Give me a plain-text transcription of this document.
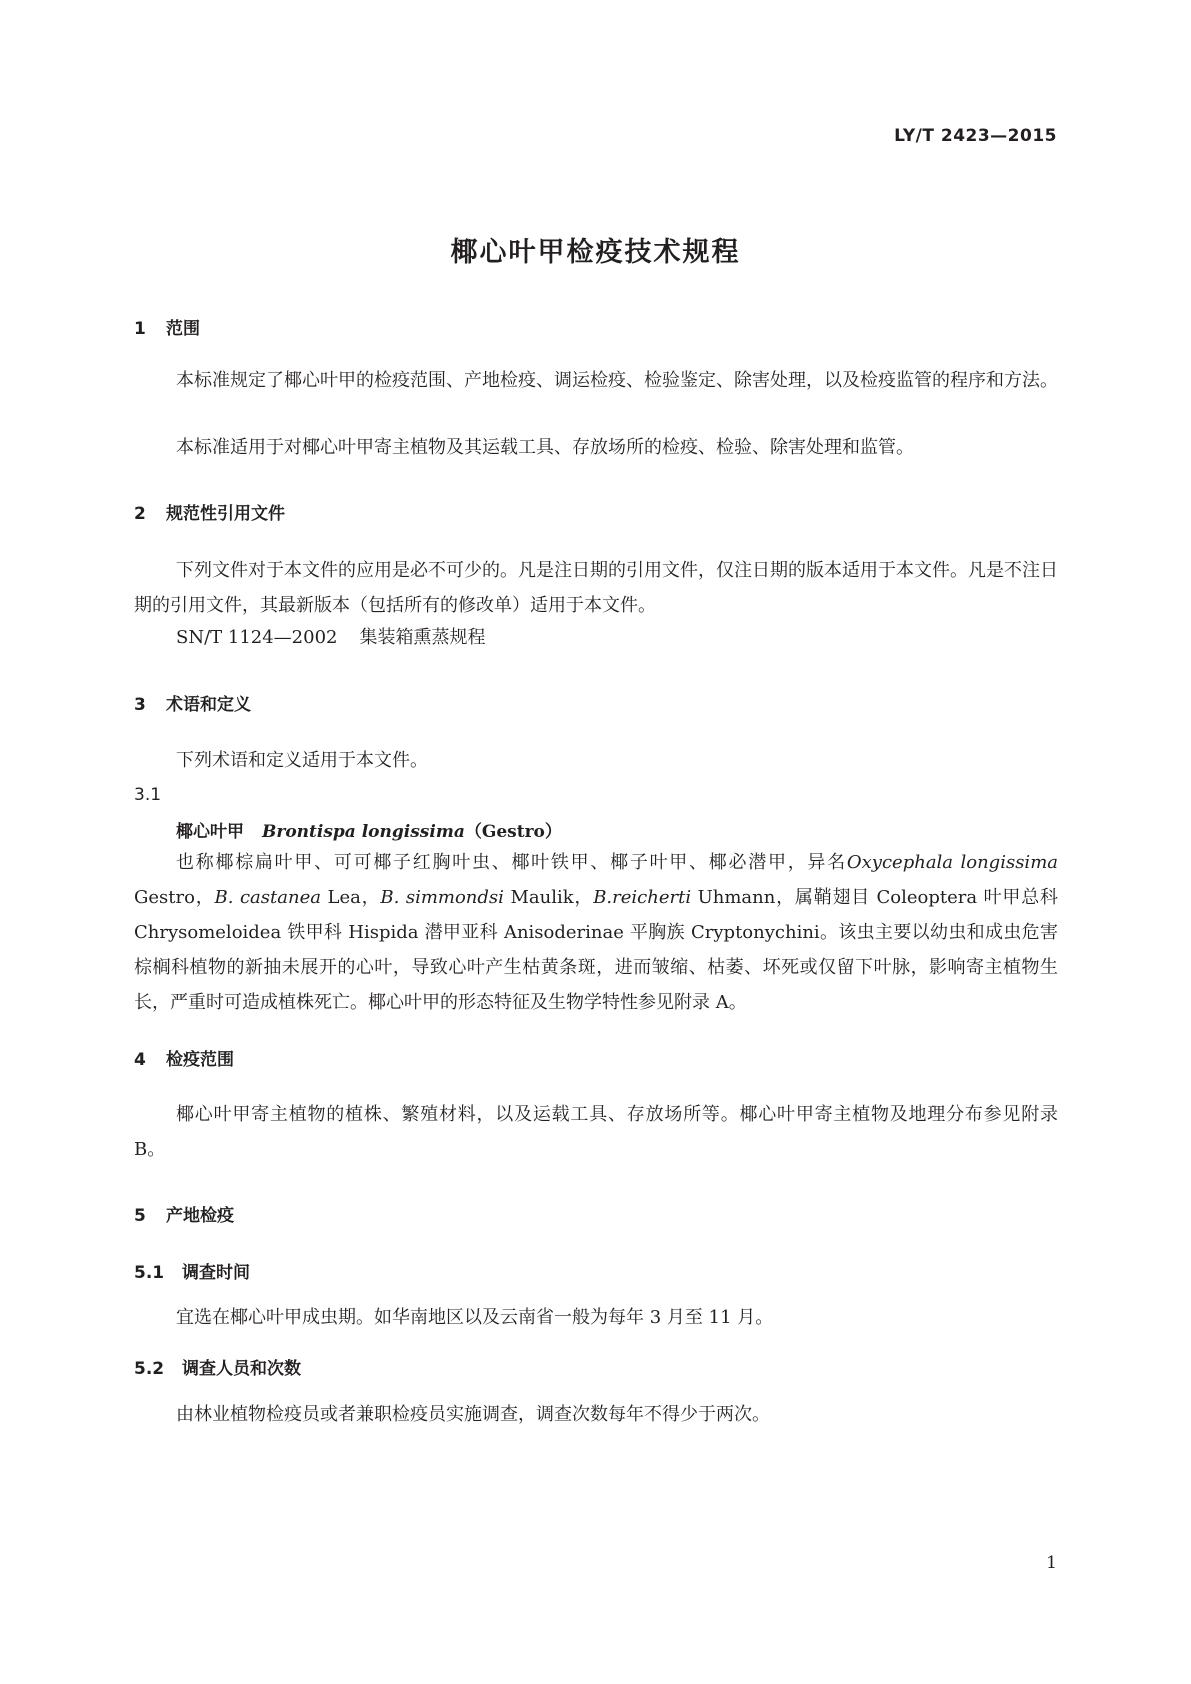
LY/T 2423—2015
椰心叶甲检疫技术规程
1 范围

本标准规定了椰心叶甲的检疫范围、产地检疫、调运检疫、检验鉴定、除害处理，以及检疫监管的程序和方法。

本标准适用于对椰心叶甲寄主植物及其运载工具、存放场所的检疫、检验、除害处理和监管。

2 规范性引用文件

下列文件对于本文件的应用是必不可少的。凡是注日期的引用文件，仅注日期的版本适用于本文件。凡是不注日期的引用文件，其最新版本（包括所有的修改单）适用于本文件。

SN/T 1124—2002 集装箱熏蒸规程
3 术语和定义
下列术语和定义适用于本文件。
3.1
椰心叶甲 Brontispa longissima（Gestro）

也称椰棕扁叶甲、可可椰子红胸叶虫、椰叶铁甲、椰子叶甲、椰必潜甲，异名Oxycephala longissima Gestro，B. castanea Lea，B. simmondsi Maulik，B.reicherti Uhmann，属鞘翅目 Coleoptera 叶甲总科 Chrysomeloidea 铁甲科 Hispida 潜甲亚科 Anisoderinae 平胸族 Cryptonychini。该虫主要以幼虫和成虫危害棕榈科植物的新抽未展开的心叶，导致心叶产生枯黄条斑，进而皱缩、枯萎、坏死或仅留下叶脉，影响寄主植物生长，严重时可造成植株死亡。椰心叶甲的形态特征及生物学特性参见附录 A。

4 检疫范围

椰心叶甲寄主植物的植株、繁殖材料，以及运载工具、存放场所等。椰心叶甲寄主植物及地理分布参见附录 B。

5 产地检疫
5.1 调查时间
宜选在椰心叶甲成虫期。如华南地区以及云南省一般为每年 3 月至 11 月。
5.2 调查人员和次数
由林业植物检疫员或者兼职检疫员实施调查，调查次数每年不得少于两次。
1
